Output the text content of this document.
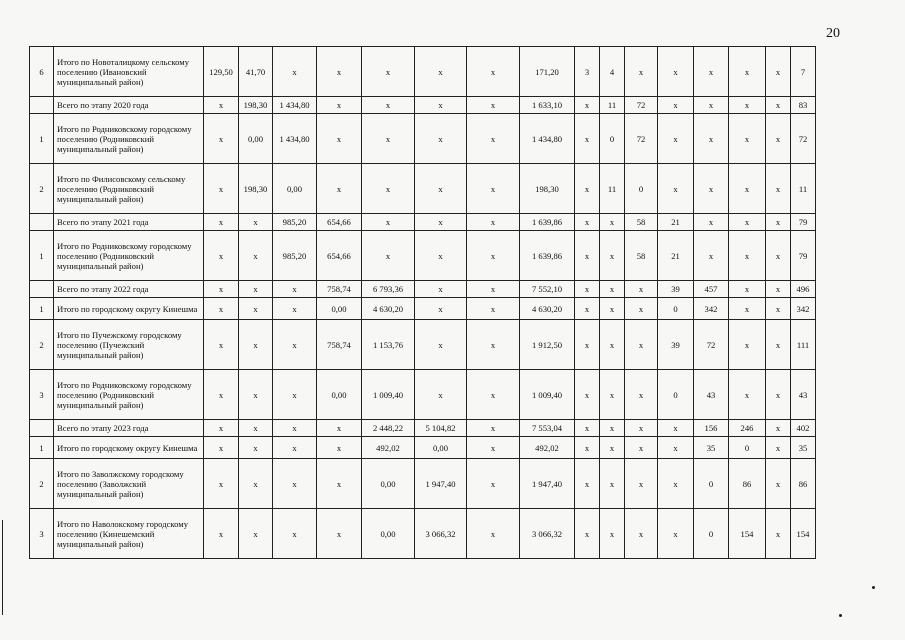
20
6	Итого по Новоталицкому сельскому поселению (Ивановский муниципальный район)	129,50	41,70	x	x	x	x	x	171,20	3	4	x	x	x	x	x	7
	Всего по этапу 2020 года	x	198,30	1 434,80	x	x	x	x	1 633,10	x	11	72	x	x	x	x	83
1	Итого по Родниковскому городскому поселению (Родниковский муниципальный район)	x	0,00	1 434,80	x	x	x	x	1 434,80	x	0	72	x	x	x	x	72
2	Итого по Филисовскому сельскому поселению (Родниковский муниципальный район)	x	198,30	0,00	x	x	x	x	198,30	x	11	0	x	x	x	x	11
	Всего по этапу 2021 года	x	x	985,20	654,66	x	x	x	1 639,86	x	x	58	21	x	x	x	79
1	Итого по Родниковскому городскому поселению (Родниковский муниципальный район)	x	x	985,20	654,66	x	x	x	1 639,86	x	x	58	21	x	x	x	79
	Всего по этапу 2022 года	x	x	x	758,74	6 793,36	x	x	7 552,10	x	x	x	39	457	x	x	496
1	Итого по городскому округу Кинешма	x	x	x	0,00	4 630,20	x	x	4 630,20	x	x	x	0	342	x	x	342
2	Итого по Пучежскому городскому поселению (Пучежский муниципальный район)	x	x	x	758,74	1 153,76	x	x	1 912,50	x	x	x	39	72	x	x	111
3	Итого по Родниковскому городскому поселению (Родниковский муниципальный район)	x	x	x	0,00	1 009,40	x	x	1 009,40	x	x	x	0	43	x	x	43
	Всего по этапу 2023 года	x	x	x	x	2 448,22	5 104,82	x	7 553,04	x	x	x	x	156	246	x	402
1	Итого по городскому округу Кинешма	x	x	x	x	492,02	0,00	x	492,02	x	x	x	x	35	0	x	35
2	Итого по Заволжскому городскому поселению (Заволжский муниципальный район)	x	x	x	x	0,00	1 947,40	x	1 947,40	x	x	x	x	0	86	x	86
3	Итого по Наволокскому городскому поселению (Кинешемский муниципальный район)	x	x	x	x	0,00	3 066,32	x	3 066,32	x	x	x	x	0	154	x	154
